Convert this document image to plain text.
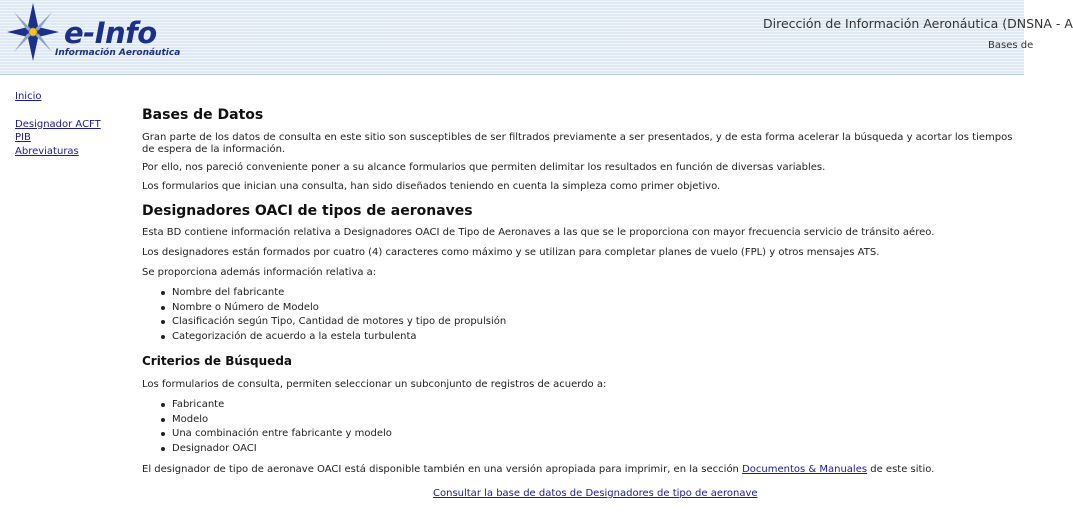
e-Info
Información Aeronáutica
Dirección de Información Aeronáutica (DNSNA - A
Bases de
Inicio
Designador ACFT
PIB
Abreviaturas
Bases de Datos

Gran parte de los datos de consulta en este sitio son susceptibles de ser filtrados previamente a ser presentados, y de esta forma acelerar la búsqueda y acortar los tiempos de espera de la información.

Por ello, nos pareció conveniente poner a su alcance formularios que permiten delimitar los resultados en función de diversas variables.

Los formularios que inician una consulta, han sido diseñados teniendo en cuenta la simpleza como primer objetivo.

Designadores OACI de tipos de aeronaves

Esta BD contiene información relativa a Designadores OACI de Tipo de Aeronaves a las que se le proporciona con mayor frecuencia servicio de tránsito aéreo.

Los designadores están formados por cuatro (4) caracteres como máximo y se utilizan para completar planes de vuelo (FPL) y otros mensajes ATS.

Se proporciona además información relativa a:

Nombre del fabricante
Nombre o Número de Modelo
Clasificación según Tipo, Cantidad de motores y tipo de propulsión
Categorización de acuerdo a la estela turbulenta
Criterios de Búsqueda

Los formularios de consulta, permiten seleccionar un subconjunto de registros de acuerdo a:

Fabricante
Modelo
Una combinación entre fabricante y modelo
Designador OACI

El designador de tipo de aeronave OACI está disponible también en una versión apropiada para imprimir, en la sección Documentos & Manuales de este sitio.

Consultar la base de datos de Designadores de tipo de aeronave
